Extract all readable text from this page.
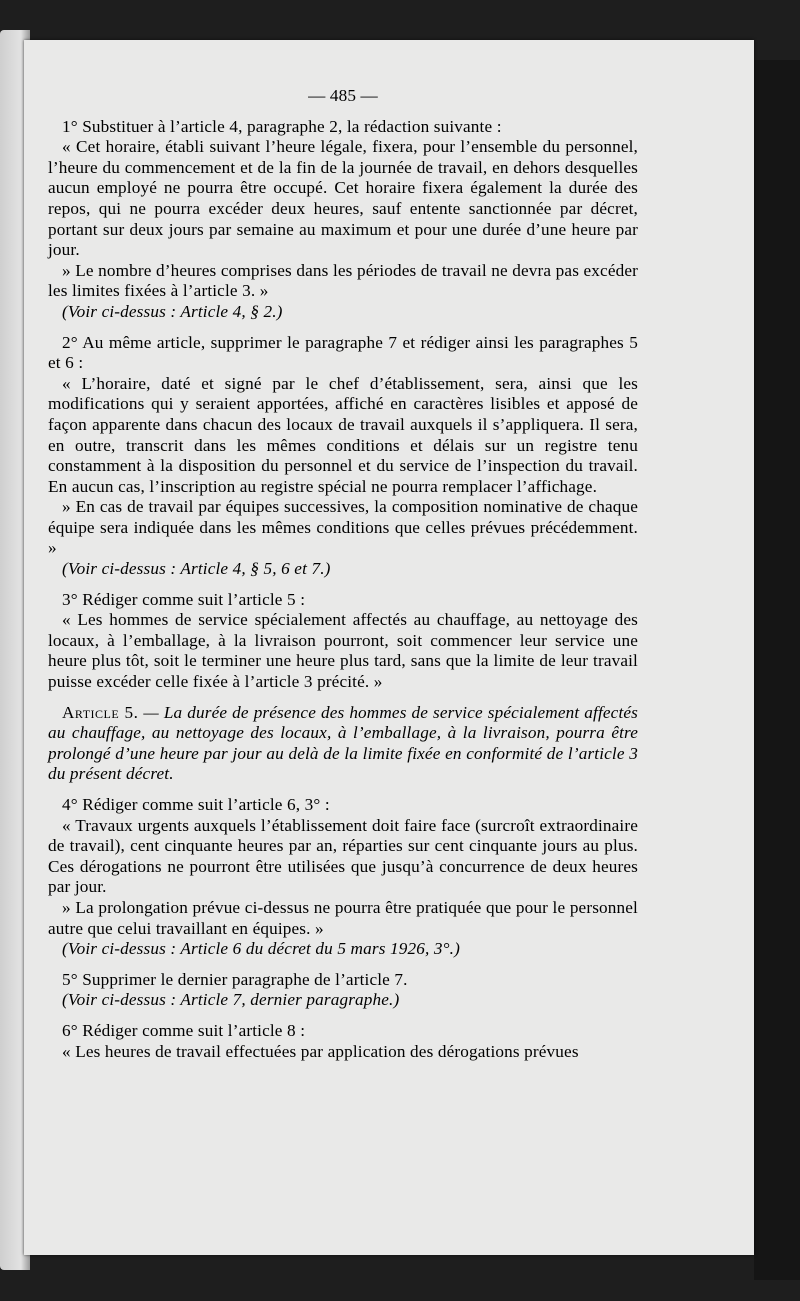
— 485 —

1° Substituer à l’article 4, paragraphe 2, la rédaction suivante :

« Cet horaire, établi suivant l’heure légale, fixera, pour l’ensemble du personnel, l’heure du commencement et de la fin de la journée de travail, en dehors desquelles aucun employé ne pourra être occupé. Cet horaire fixera également la durée des repos, qui ne pourra excéder deux heures, sauf entente sanctionnée par décret, portant sur deux jours par semaine au maximum et pour une durée d’une heure par jour.

» Le nombre d’heures comprises dans les périodes de travail ne devra pas excéder les limites fixées à l’article 3. »

(Voir ci-dessus : Article 4, § 2.)

2° Au même article, supprimer le paragraphe 7 et rédiger ainsi les paragraphes 5 et 6 :

« L’horaire, daté et signé par le chef d’établissement, sera, ainsi que les modifications qui y seraient apportées, affiché en caractères lisibles et apposé de façon apparente dans chacun des locaux de travail auxquels il s’appliquera. Il sera, en outre, transcrit dans les mêmes conditions et délais sur un registre tenu constamment à la disposition du personnel et du service de l’inspection du travail. En aucun cas, l’inscription au registre spécial ne pourra remplacer l’affichage.

» En cas de travail par équipes successives, la composition nominative de chaque équipe sera indiquée dans les mêmes conditions que celles prévues précédemment. »

(Voir ci-dessus : Article 4, § 5, 6 et 7.)

3° Rédiger comme suit l’article 5 :

« Les hommes de service spécialement affectés au chauffage, au nettoyage des locaux, à l’emballage, à la livraison pourront, soit commencer leur service une heure plus tôt, soit le terminer une heure plus tard, sans que la limite de leur travail puisse excéder celle fixée à l’article 3 précité. »

Article 5. — La durée de présence des hommes de service spécialement affectés au chauffage, au nettoyage des locaux, à l’emballage, à la livraison, pourra être prolongé d’une heure par jour au delà de la limite fixée en conformité de l’article 3 du présent décret.

4° Rédiger comme suit l’article 6, 3° :

« Travaux urgents auxquels l’établissement doit faire face (surcroît extraordinaire de travail), cent cinquante heures par an, réparties sur cent cinquante jours au plus. Ces dérogations ne pourront être utilisées que jusqu’à concurrence de deux heures par jour.

» La prolongation prévue ci-dessus ne pourra être pratiquée que pour le personnel autre que celui travaillant en équipes. »

(Voir ci-dessus : Article 6 du décret du 5 mars 1926, 3°.)

5° Supprimer le dernier paragraphe de l’article 7.

(Voir ci-dessus : Article 7, dernier paragraphe.)

6° Rédiger comme suit l’article 8 :

« Les heures de travail effectuées par application des dérogations prévues
